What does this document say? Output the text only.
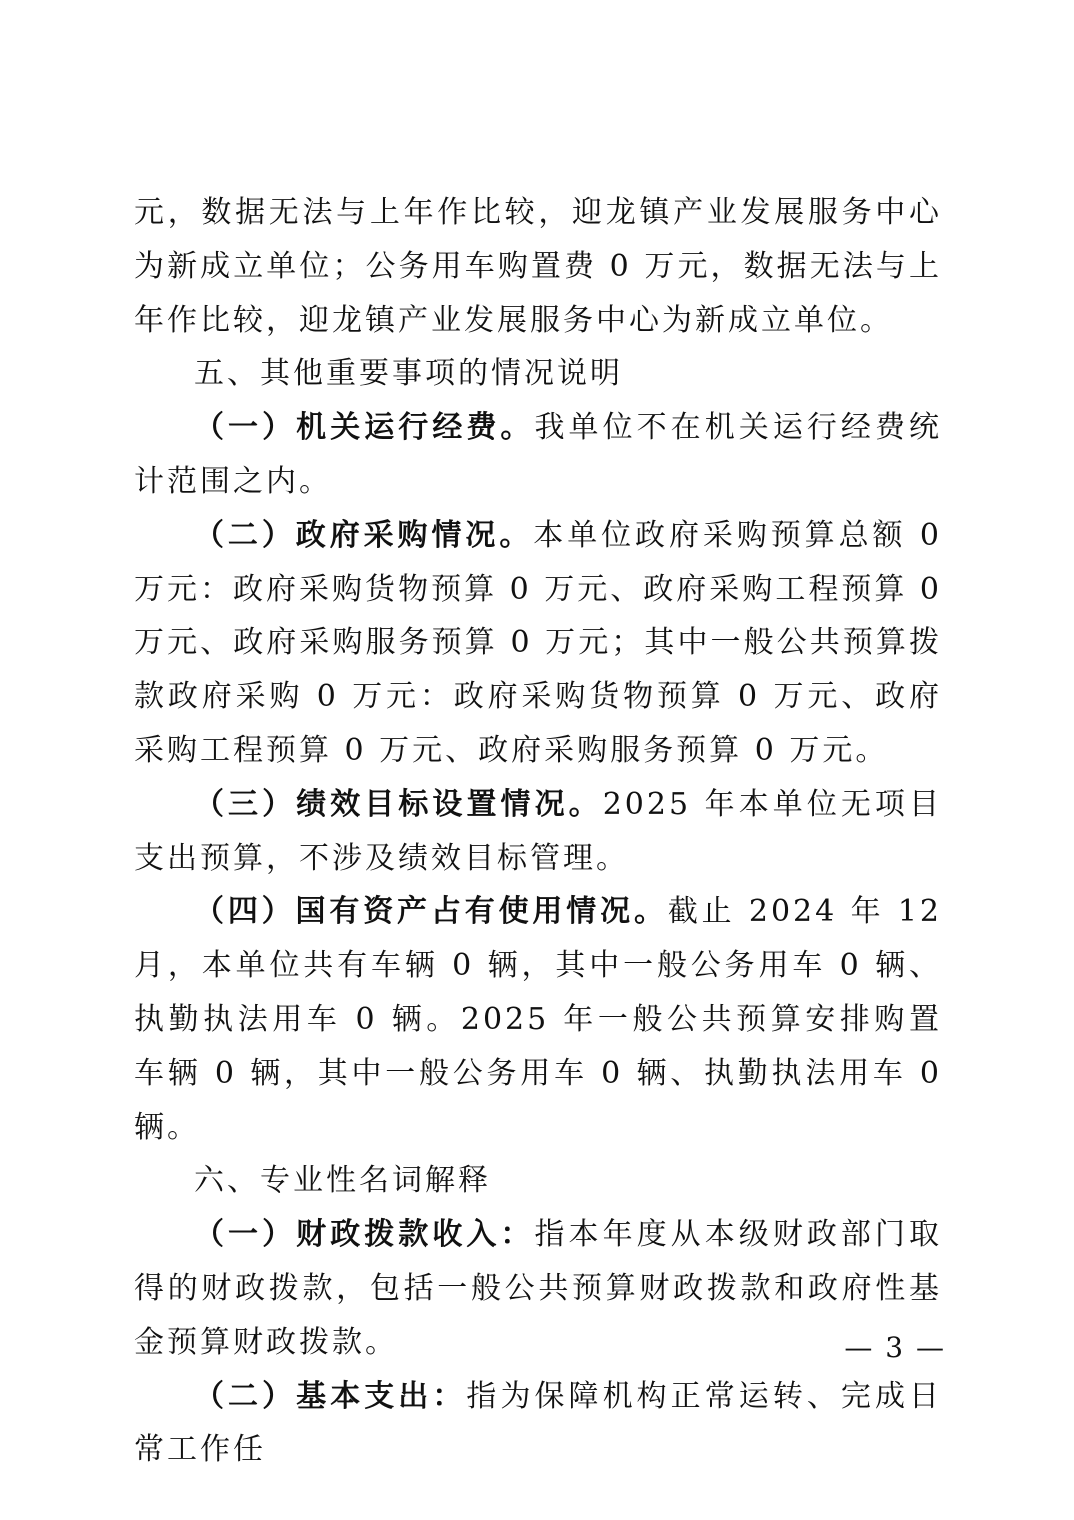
元，数据无法与上年作比较，迎龙镇产业发展服务中心为新成立单位；公务用车购置费 0 万元，数据无法与上年作比较，迎龙镇产业发展服务中心为新成立单位。

五、其他重要事项的情况说明

（一）机关运行经费。我单位不在机关运行经费统计范围之内。

（二）政府采购情况。本单位政府采购预算总额 0 万元：政府采购货物预算 0 万元、政府采购工程预算 0 万元、政府采购服务预算 0 万元；其中一般公共预算拨款政府采购 0 万元：政府采购货物预算 0 万元、政府采购工程预算 0 万元、政府采购服务预算 0 万元。

（三）绩效目标设置情况。2025 年本单位无项目支出预算，不涉及绩效目标管理。

（四）国有资产占有使用情况。截止 2024 年 12 月，本单位共有车辆 0 辆，其中一般公务用车 0 辆、执勤执法用车 0 辆。2025 年一般公共预算安排购置车辆 0 辆，其中一般公务用车 0 辆、执勤执法用车 0 辆。

六、专业性名词解释

（一）财政拨款收入：指本年度从本级财政部门取得的财政拨款，包括一般公共预算财政拨款和政府性基金预算财政拨款。

（二）基本支出：指为保障机构正常运转、完成日常工作任

— 3 —
